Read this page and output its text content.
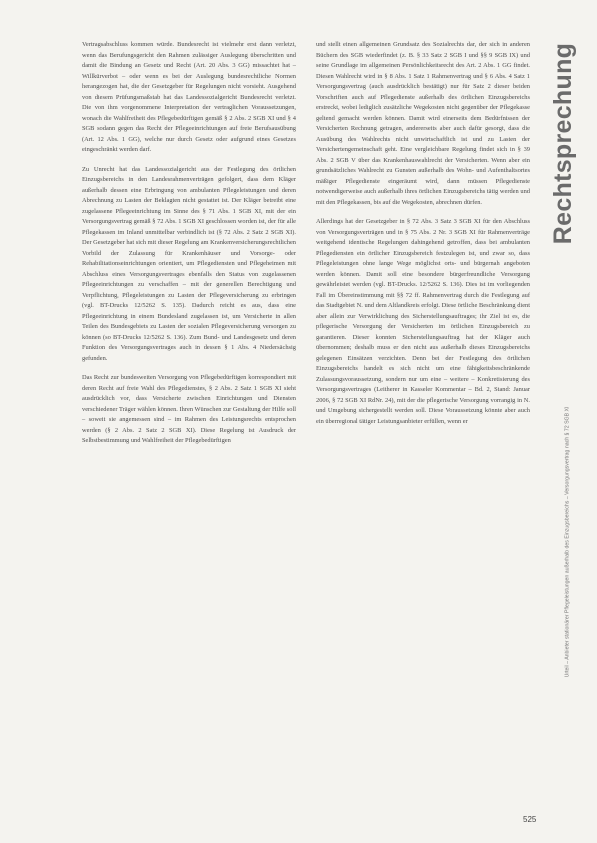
Vertragsabschluss kommen würde. Bundesrecht ist vielmehr erst dann verletzt, wenn das Berufungsgericht den Rahmen zulässiger Auslegung überschritten und damit die Bindung an Gesetz und Recht (Art. 20 Abs. 3 GG) missachtet hat – Willkürverbot – oder wenn es bei der Auslegung bundesrechtliche Normen herangezogen hat, die der Gesetzgeber für Regelungen nicht vorsieht. Ausgehend von diesem Prüfungsmaßstab hat das Landessozialgericht Bundesrecht verletzt. Die von ihm vorgenommene Interpretation der vertraglichen Voraussetzungen, wonach die Wahlfreiheit des Pflegebedürftigen gemäß § 2 Abs. 2 SGB XI und § 4 SGB sodann gegen das Recht der Pflegeeinrichtungen auf freie Berufsausübung (Art. 12 Abs. 1 GG), welche nur durch Gesetz oder aufgrund eines Gesetzes eingeschränkt werden darf.

Zu Unrecht hat das Landessozialgericht aus der Festlegung des örtlichen Einzugsbereichs in den Landesrahmenverträgen gefolgert, dass dem Kläger außerhalb dessen eine Erbringung von ambulanten Pflegeleistungen und deren Abrechnung zu Lasten der Beklagten nicht gestattet ist. Der Kläger betreibt eine zugelassene Pflegeeinrichtung im Sinne des § 71 Abs. 1 SGB XI, mit der ein Versorgungsvertrag gemäß § 72 Abs. 1 SGB XI geschlossen worden ist, der für alle Pflegekassen im Inland unmittelbar verbindlich ist (§ 72 Abs. 2 Satz 2 SGB XI). Der Gesetzgeber hat sich mit dieser Regelung am Krankenversicherungsrechtlichen Vorbild der Zulassung für Krankenhäuser und Vorsorge- oder Rehabilitationseinrichtungen orientiert, um Pflegediensten und Pflegeheimen mit Abschluss eines Versorgungsvertrages ebenfalls den Status von zugelassenen Pflegeeinrichtungen zu verschaffen – mit der generellen Berechtigung und Verpflichtung, Pflegeleistungen zu Lasten der Pflegeversicherung zu erbringen (vgl. BT-Drucks 12/5262 S. 135). Dadurch reicht es aus, dass eine Pflegeeinrichtung in einem Bundesland zugelassen ist, um Versicherte in allen Teilen des Bundesgebiets zu Lasten der sozialen Pflegeversicherung versorgen zu können (so BT-Drucks 12/5262 S. 136). Zum Bund- und Landesgesetz und deren Funktion des Versorgungsvertrages auch in dessen § 1 Abs. 4 Niedersächsig gefunden.

Das Recht zur bundesweiten Versorgung von Pflegebedürftigen korrespondiert mit deren Recht auf freie Wahl des Pflegedienstes, § 2 Abs. 2 Satz 1 SGB XI sieht ausdrücklich vor, dass Versicherte zwischen Einrichtungen und Diensten verschiedener Träger wählen können. Ihren Wünschen zur Gestaltung der Hilfe soll – soweit sie angemessen sind – im Rahmen des Leistungsrechts entsprochen werden (§ 2 Abs. 2 Satz 2 SGB XI). Diese Regelung ist Ausdruck der Selbstbestimmung und Wahlfreiheit der Pflegebedürftigen

und stellt einen allgemeinen Grundsatz des Sozialrechts dar, der sich in anderen Büchern des SGB wiederfindet (z. B. § 33 Satz 2 SGB I und §§ 9 SGB IX) und seine Grundlage im allgemeinen Persönlichkeitsrecht des Art. 2 Abs. 1 GG findet. Diesen Wahlrecht wird in § 8 Abs. 1 Satz 1 Rahmenvertrag und § 6 Abs. 4 Satz 1 Versorgungsvertrag (auch ausdrücklich bestätigt) nur für Satz 2 dieser beiden Vorschriften auch auf Pflegedienste außerhalb des örtlichen Einzugsbereichs erstreckt, wobei lediglich zusätzliche Wegekosten nicht gegenüber der Pflegekasse geltend gemacht werden können. Damit wird einerseits dem Bedürfnissen der Versicherten Rechnung getragen, andererseits aber auch dafür gesorgt, dass die Ausübung des Wahlrechts nicht unwirtschaftlich ist und zu Lasten der Versichertengemeinschaft geht. Eine vergleichbare Regelung findet sich in § 39 Abs. 2 SGB V über das Krankenhauswahlrecht der Versicherten. Wenn aber ein grundsätzliches Wahlrecht zu Gunsten außerhalb des Wohn- und Aufenthaltsortes mäßiger Pflegedienste eingeräumt wird, dann müssen Pflegedienste notwendigerweise auch außerhalb ihres örtlichen Einzugsbereichs tätig werden und mit den Pflegekassen, bis auf die Wegekosten, abrechnen dürfen.

Allerdings hat der Gesetzgeber in § 72 Abs. 3 Satz 3 SGB XI für den Abschluss von Versorgungsverträgen und in § 75 Abs. 2 Nr. 3 SGB XI für Rahmenverträge weitgehend identische Regelungen dahingehend getroffen, dass bei ambulanten Pflegediensten ein örtlicher Einzugsbereich festzulegen ist, und zwar so, dass Pflegeleistungen ohne lange Wege möglichst orts- und bürgernah angeboten werden können. Damit soll eine besondere bürgerfreundliche Versorgung gewährleistet werden (vgl. BT-Drucks. 12/5262 S. 136). Dies ist im vorliegenden Fall im Übereinstimmung mit §§ 72 ff. Rahmenvertrag durch die Festlegung auf das Stadtgebiet N. und dem Altlandkreis erfolgt. Diese örtliche Beschränkung dient aber allein zur Verwirklichung des Sicherstellungsauftrages; ihr Ziel ist es, die pflegerische Versorgung der Versicherten im örtlichen Einzugsbereich zu garantieren. Dieser konnten Sicherstellungsauftrag hat der Kläger auch übernommen; deshalb muss er den nicht aus außerhalb dieses Einzugsbereichs gelegenen Einsätzen verzichten. Denn bei der Festlegung des örtlichen Einzugsbereichs handelt es sich nicht um eine fähigkeitsbeschränkende Zulassungsvoraussetzung, sondern nur um eine – weitere – Konkretisierung des Versorgungsvertrages (Leitherer in Kasseler Kommentar – Bd. 2, Stand: Januar 2006, § 72 SGB XI RdNr. 24), mit der die pflegerische Versorgung vorrangig in N. und Umgebung sichergestellt werden soll. Diese Voraussetzung könnte aber auch ein überregional tätiger Leistungsanbieter erfüllen, wenn er

Rechtsprechung
Urteil – Anbieter stationärer Pflegeleistungen außerhalb des Einzugsbereichs – Versorgungsvertrag nach § 72 SGB XI
525
